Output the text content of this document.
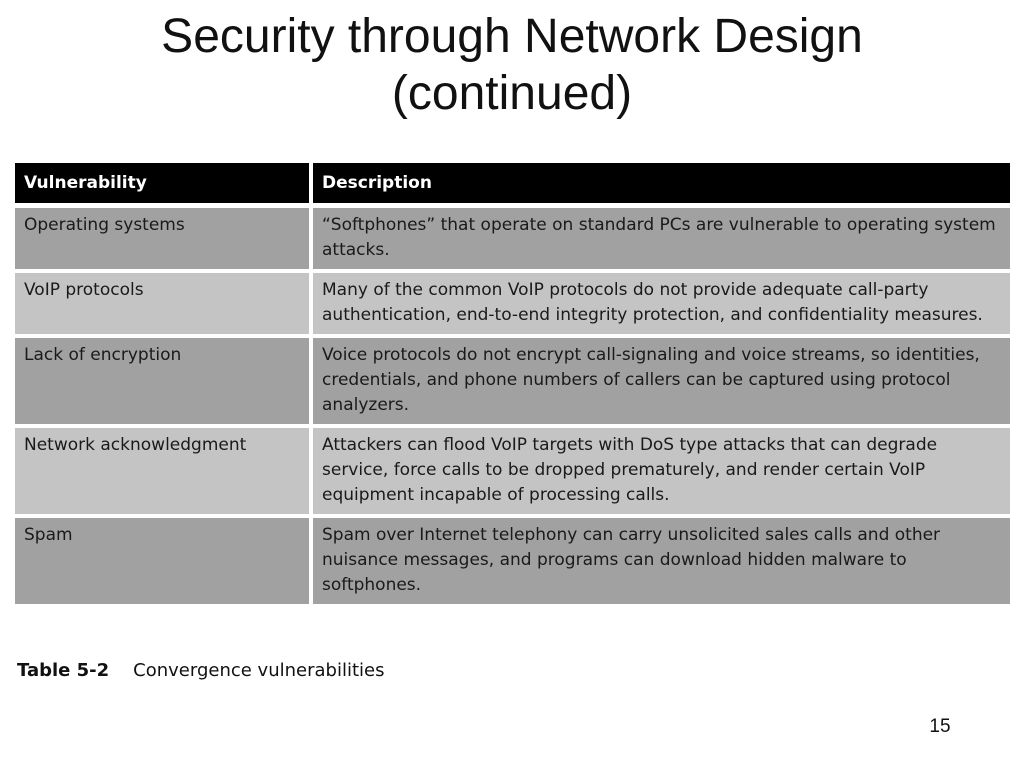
Security through Network Design
(continued)
Vulnerability	Description
Operating systems	“Softphones” that operate on standard PCs are vulnerable to operating system attacks.
VoIP protocols	Many of the common VoIP protocols do not provide adequate call-party authentication, end-to-end integrity protection, and confidentiality measures.
Lack of encryption	Voice protocols do not encrypt call-signaling and voice streams, so identities, credentials, and phone numbers of callers can be captured using protocol analyzers.
Network acknowledgment	Attackers can flood VoIP targets with DoS type attacks that can degrade service, force calls to be dropped prematurely, and render certain VoIP equipment incapable of processing calls.
Spam	Spam over Internet telephony can carry unsolicited sales calls and other nuisance messages, and programs can download hidden malware to softphones.
Table 5-2 Convergence vulnerabilities
15
